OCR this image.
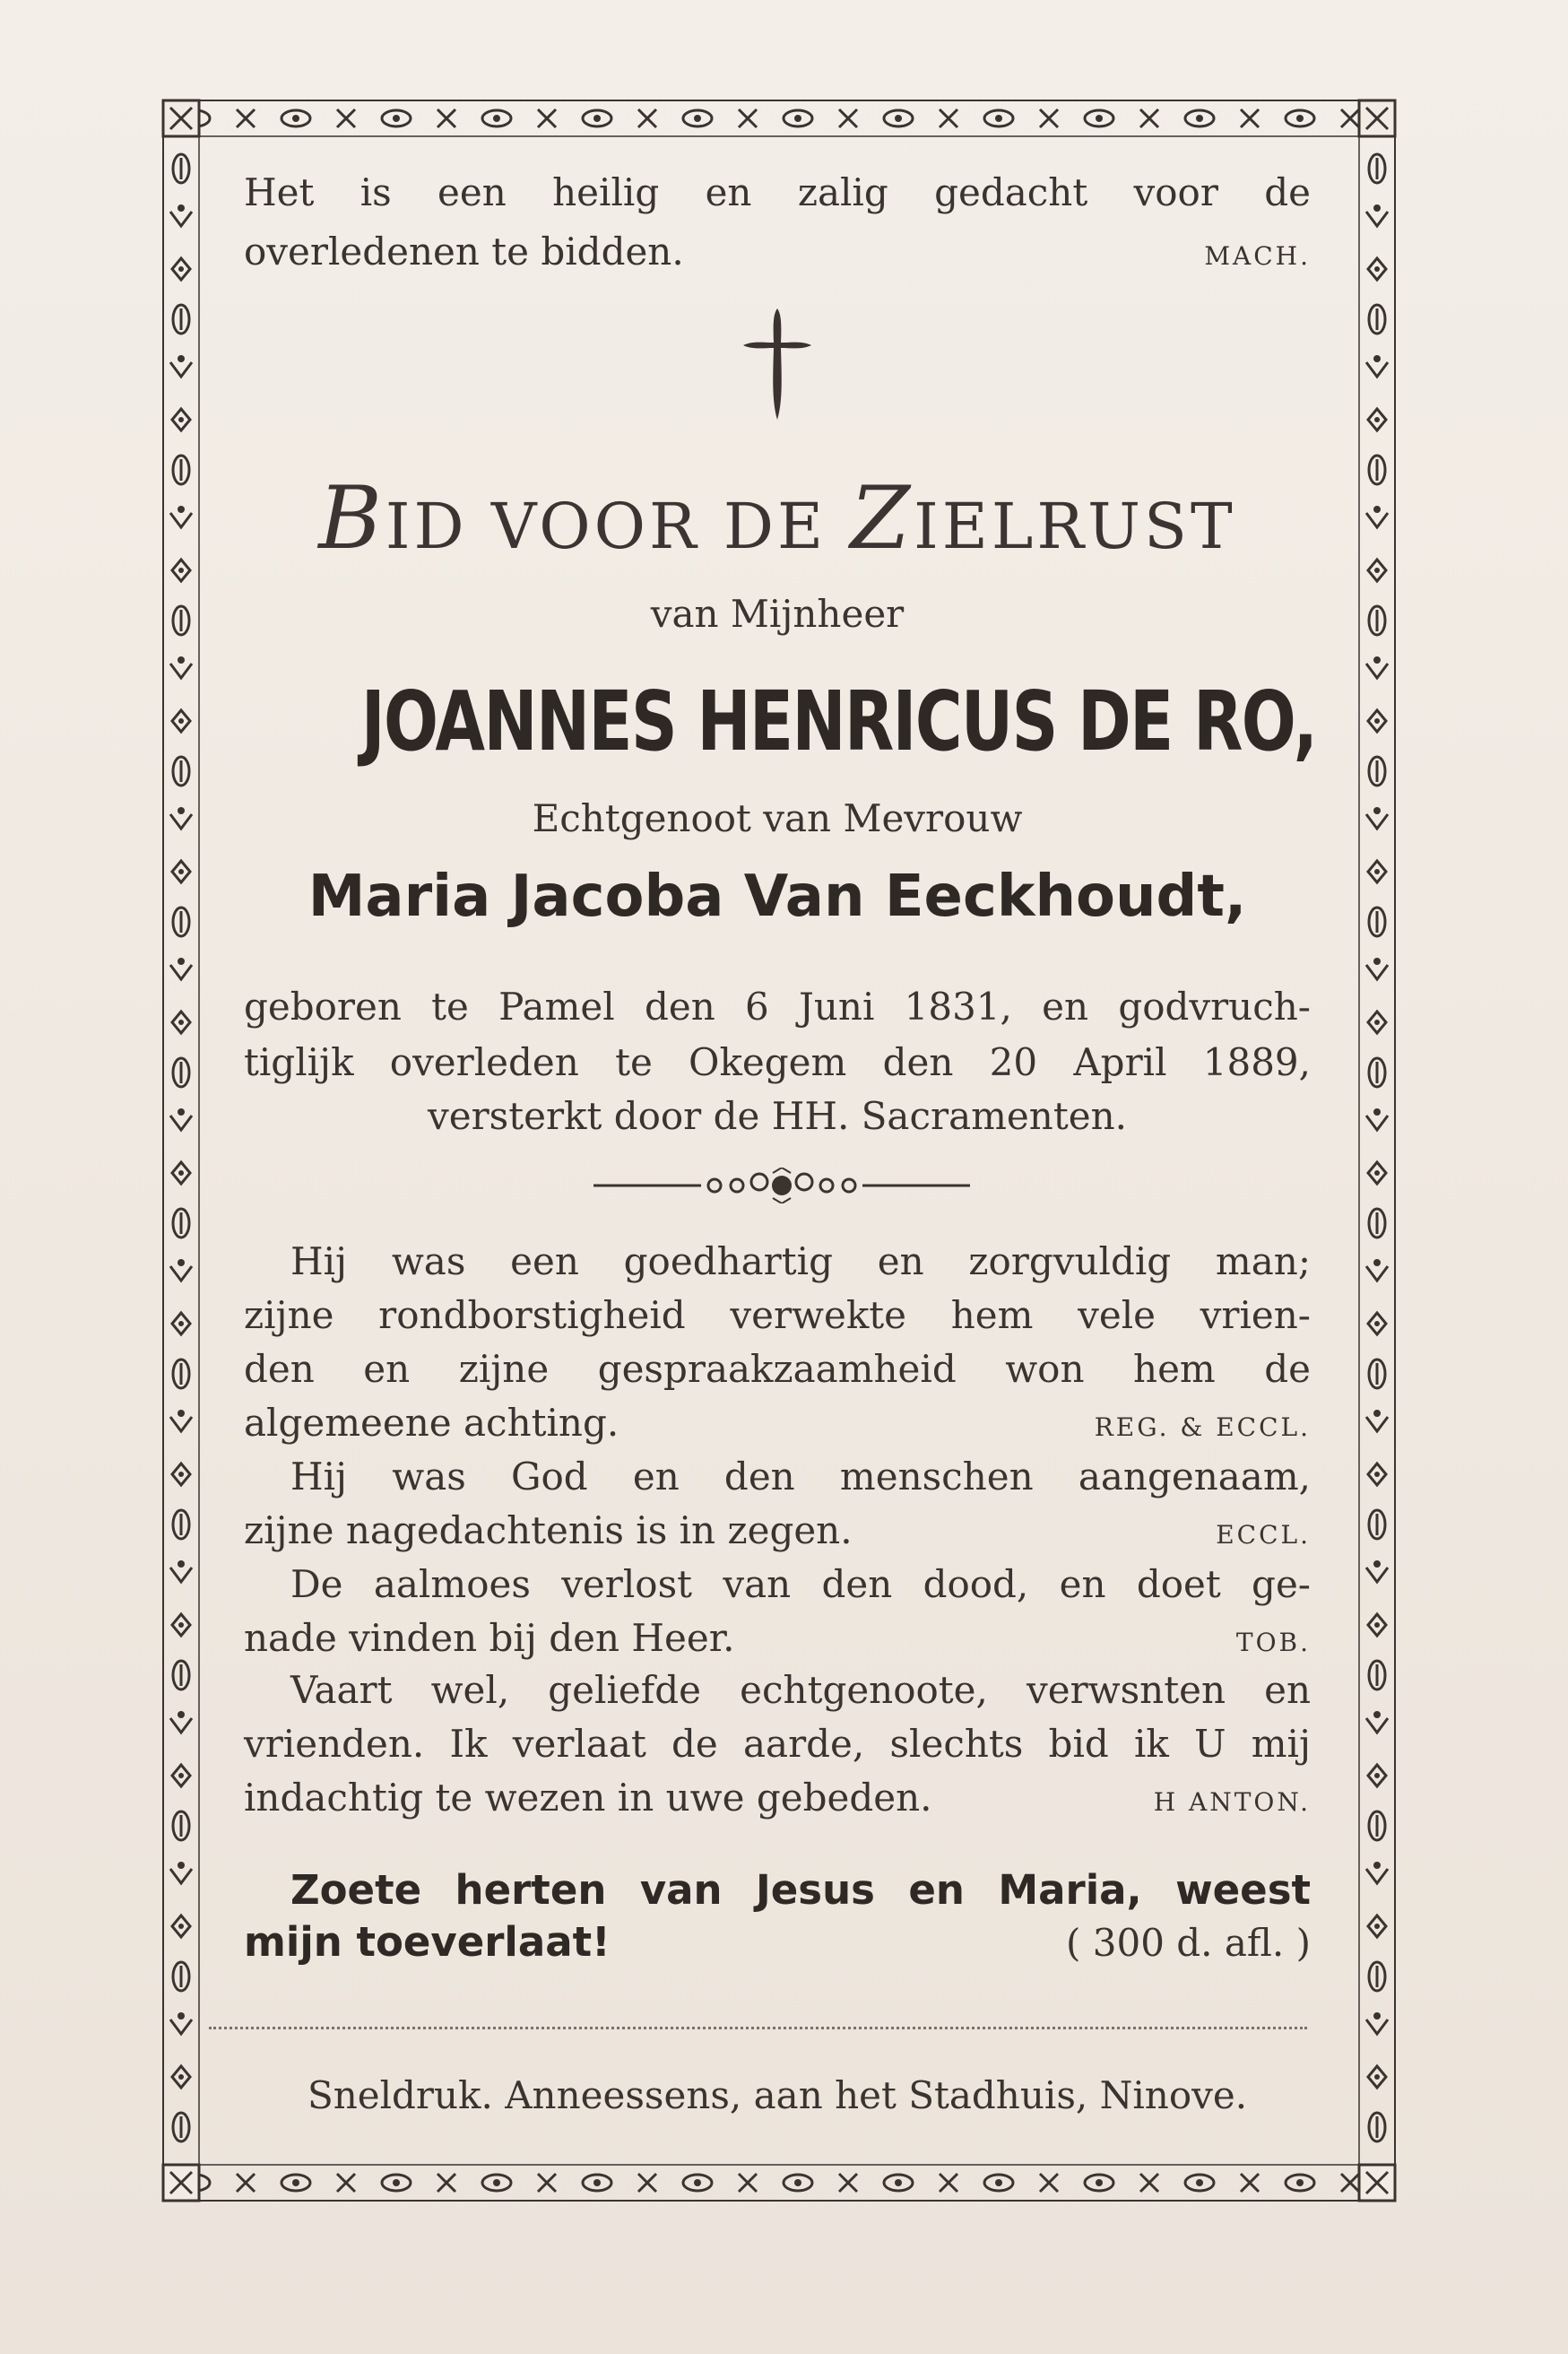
Het is een heilig en zalig gedacht voor de
overledenen te bidden.	MACH.
BID VOOR DE ZIELRUST
van Mijnheer
JOANNES HENRICUS DE RO,
Echtgenoot van Mevrouw
Maria Jacoba Van Eeckhoudt,
geboren te Pamel den 6 Juni 1831, en godvruch-
tiglijk overleden te Okegem den 20 April 1889,
versterkt door de HH. Sacramenten.
Hij was een goedhartig en zorgvuldig man;
zijne rondborstigheid verwekte hem vele vrien-
den en zijne gespraakzaamheid won hem de
algemeene achting.	REG. & ECCL.
Hij was God en den menschen aangenaam,
zijne nagedachtenis is in zegen.	ECCL.
De aalmoes verlost van den dood, en doet ge-
nade vinden bij den Heer.	TOB.
Vaart wel, geliefde echtgenoote, verwsnten en
vrienden. Ik verlaat de aarde, slechts bid ik U mij
indachtig te wezen in uwe gebeden.	H ANTON.
Zoete herten van Jesus en Maria, weest
mijn toeverlaat!	( 300 d. afl. )
Sneldruk. Anneessens, aan het Stadhuis, Ninove.
